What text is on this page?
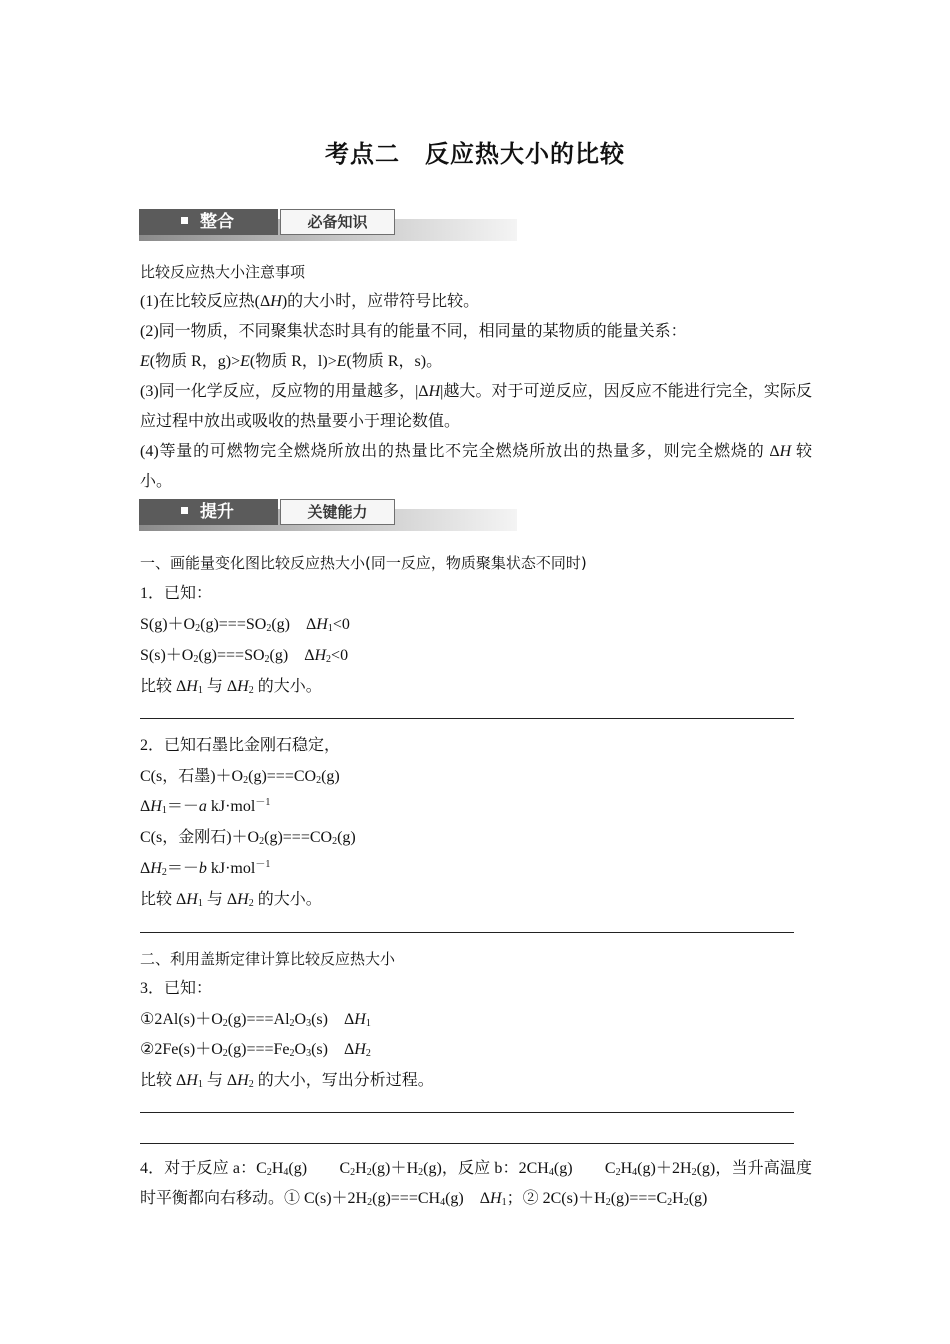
考点二　反应热大小的比较
整合	必备知识
比较反应热大小注意事项
(1)在比较反应热(ΔH)的大小时，应带符号比较。
(2)同一物质，不同聚集状态时具有的能量不同，相同量的某物质的能量关系：
E(物质 R，g)>E(物质 R，l)>E(物质 R，s)。
(3)同一化学反应，反应物的用量越多，|ΔH|越大。对于可逆反应，因反应不能进行完全，实际反应过程中放出或吸收的热量要小于理论数值。
(4)等量的可燃物完全燃烧所放出的热量比不完全燃烧所放出的热量多，则完全燃烧的 ΔH 较小。
提升	关键能力
一、画能量变化图比较反应热大小(同一反应，物质聚集状态不同时)
1．已知：
$S(g)+O_2(g)===SO_2(g)$　$\Delta H_1<0$
$S(s)+O_2(g)===SO_2(g)$　$\Delta H_2<0$
比较 $\Delta H_1$ 与 $\Delta H_2$ 的大小。
2．已知石墨比金刚石稳定，
C(s，石墨)$+O_2(g)===CO_2(g)$
$\Delta H_1=-a$ kJ·mol$^{-1}$
C(s，金刚石)$+O_2(g)===CO_2(g)$
$\Delta H_2=-b$ kJ·mol$^{-1}$
比较 $\Delta H_1$ 与 $\Delta H_2$ 的大小。
二、利用盖斯定律计算比较反应热大小
3．已知：
$①2Al(s)+O_2(g)===Al_2O_3(s)$　$\Delta H_1$
$②2Fe(s)+O_2(g)===Fe_2O_3(s)$　$\Delta H_2$
比较 $\Delta H_1$ 与 $\Delta H_2$ 的大小，写出分析过程。
4．对于反应 a：$C_2H_4(g)$　　$C_2H_2(g)+H_2(g)$，反应 b：$2CH_4(g)$　　$C_2H_4(g)+2H_2(g)$，当升高温度时平衡都向右移动。① $C(s)+2H_2(g)===CH_4(g)$　$\Delta H_1$；② $2C(s)+H_2(g)===C_2H_2(g)$
